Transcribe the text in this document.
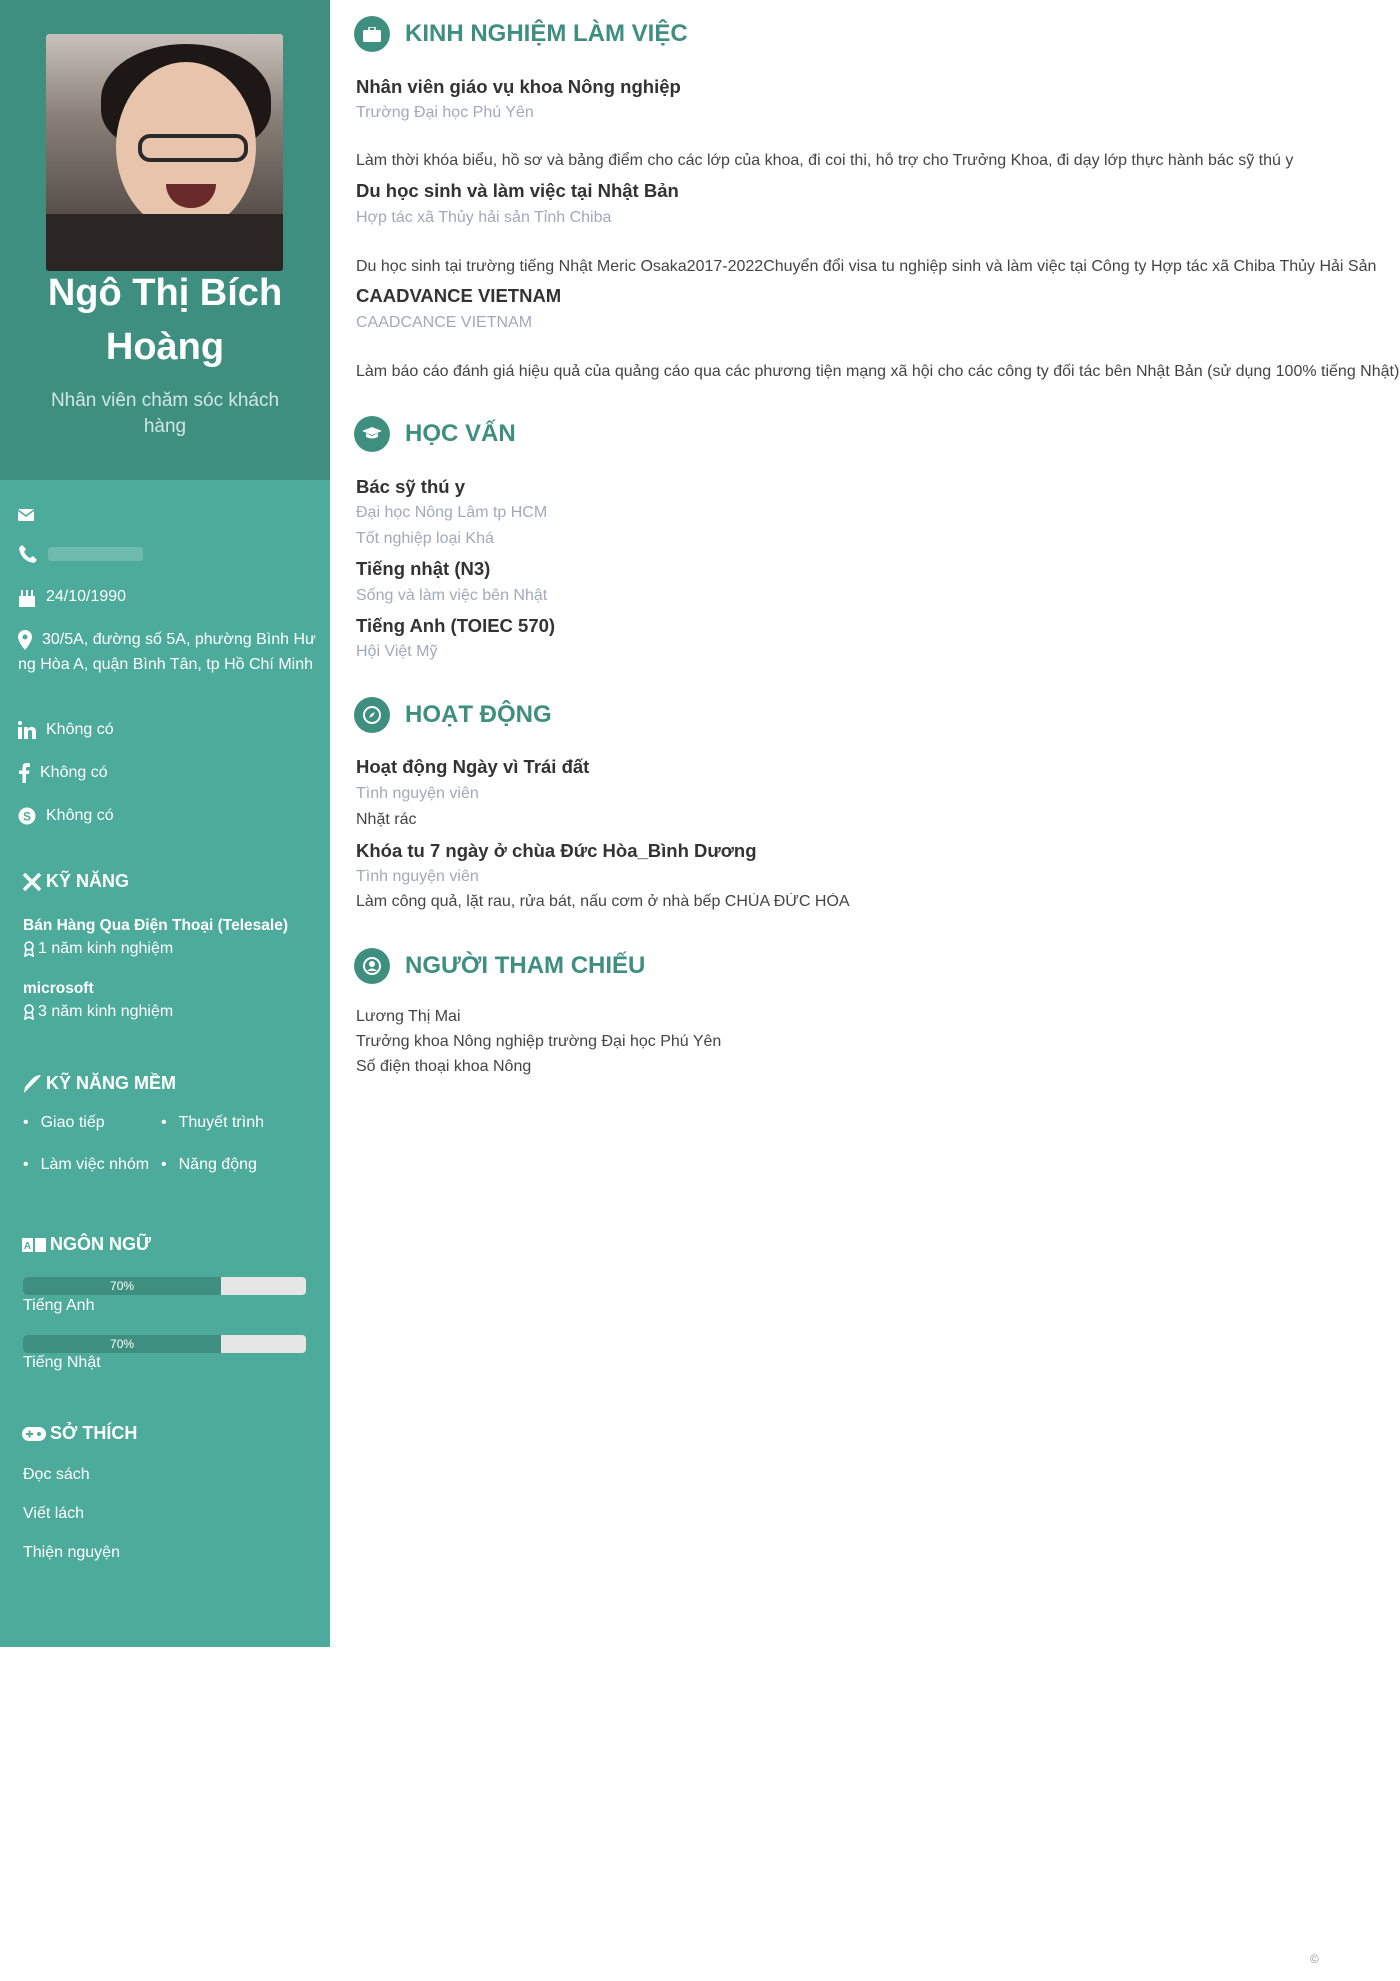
Ngô Thị Bích Hoàng
Nhân viên chăm sóc khách hàng
24/10/1990
30/5A, đường số 5A, phường Bình Hưng Hòa A, quận Bình Tân, tp Hồ Chí Minh
Không có
Không có
S Không có
KỸ NĂNG
Bán Hàng Qua Điện Thoại (Telesale)
1 năm kinh nghiệm
microsoft
3 năm kinh nghiệm
KỸ NĂNG MỀM
• Giao tiếp	• Thuyết trình
• Làm việc nhóm	• Năng động
A NGÔN NGỮ
70%
Tiếng Anh
70%
Tiếng Nhật
SỞ THÍCH
Đọc sách
Viết lách
Thiện nguyện
KINH NGHIỆM LÀM VIỆC
Nhân viên giáo vụ khoa Nông nghiệp
Trường Đại học Phú Yên
Làm thời khóa biểu, hồ sơ và bảng điểm cho các lớp của khoa, đi coi thi, hỗ trợ cho Trưởng Khoa, đi dạy lớp thực hành bác sỹ thú y
Du học sinh và làm việc tại Nhật Bản
Hợp tác xã Thủy hải sản Tỉnh Chiba
Du học sinh tại trường tiếng Nhật Meric Osaka2017-2022Chuyển đổi visa tu nghiệp sinh và làm việc tại Công ty Hợp tác xã Chiba Thủy Hải Sản
CAADVANCE VIETNAM
CAADCANCE VIETNAM
Làm báo cáo đánh giá hiệu quả của quảng cáo qua các phương tiện mạng xã hội cho các công ty đối tác bên Nhật Bản (sử dụng 100% tiếng Nhật)
HỌC VẤN
Bác sỹ thú y
Đại học Nông Lâm tp HCM
Tốt nghiệp loại Khá
Tiếng nhật (N3)
Sống và làm việc bên Nhật
Tiếng Anh (TOIEC 570)
Hội Việt Mỹ
HOẠT ĐỘNG
Hoạt động Ngày vì Trái đất
Tình nguyện viên
Nhặt rác
Khóa tu 7 ngày ở chùa Đức Hòa_Bình Dương
Tình nguyện viên
Làm công quả, lặt rau, rửa bát, nấu cơm ở nhà bếp CHÙA ĐỨC HÒA
NGƯỜI THAM CHIẾU
Lương Thị Mai
Trưởng khoa Nông nghiệp trường Đại học Phú Yên
Số điện thoại khoa Nông
©
